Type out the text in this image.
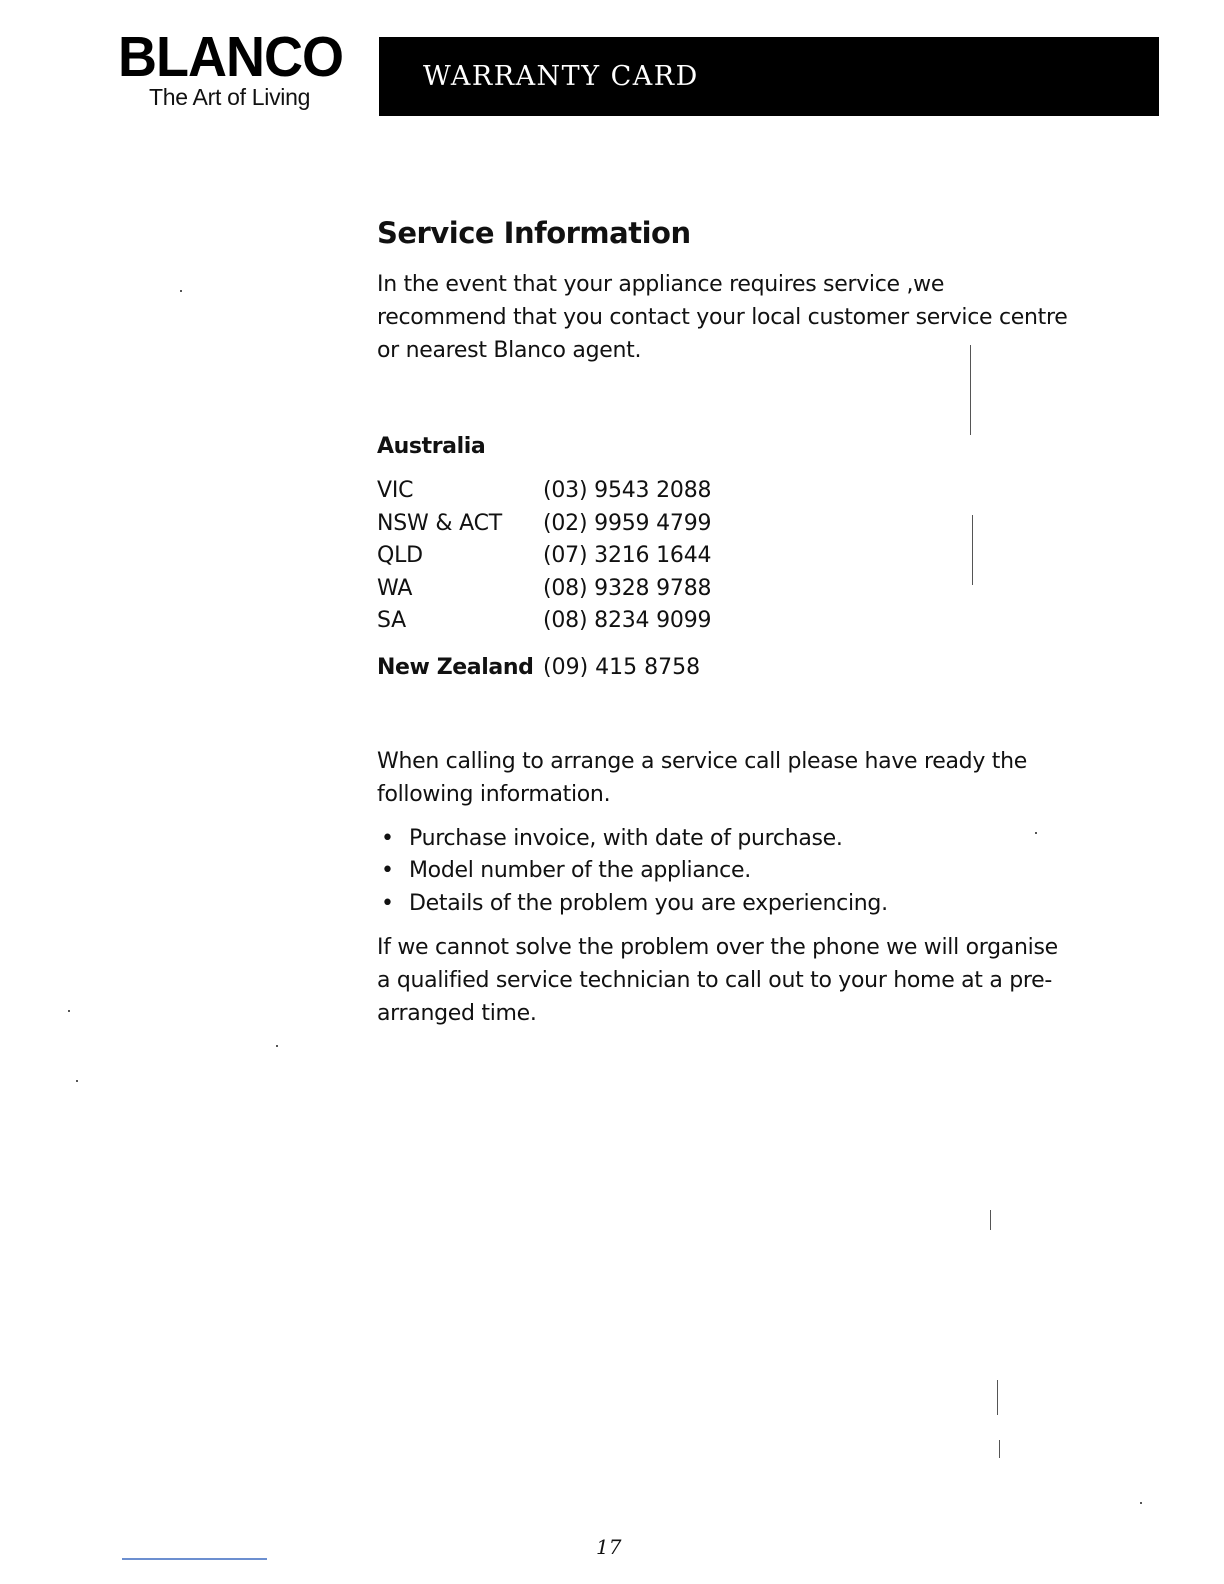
BLANCO
The Art of Living
WARRANTY CARD
Service Information

In the event that your appliance requires service ,we recommend that you contact your local customer service centre or nearest Blanco agent.

Australia
VIC	(03) 9543 2088
NSW & ACT	(02) 9959 4799
QLD	(07) 3216 1644
WA	(08) 9328 9788
SA	(08) 8234 9099
New Zealand (09) 415 8758

When calling to arrange a service call please have ready the following information.

• Purchase invoice, with date of purchase.
• Model number of the appliance.
• Details of the problem you are experiencing.

If we cannot solve the problem over the phone we will organise a qualified service technician to call out to your home at a pre-arranged time.

17
